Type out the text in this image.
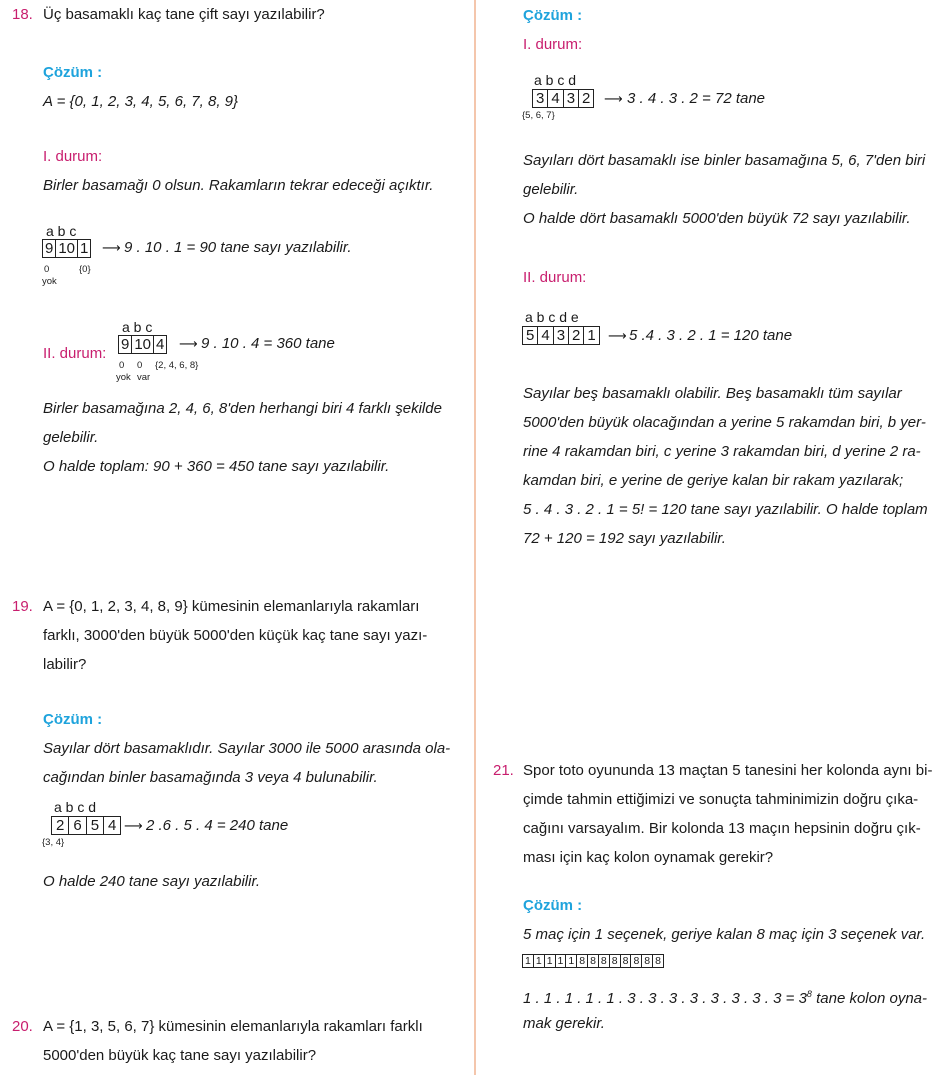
18. Üç basamaklı kaç tane çift sayı yazılabilir?
Çözüm :
A = {0, 1, 2, 3, 4, 5, 6, 7, 8, 9}
I. durum:
Birler basamağı 0 olsun. Rakamların tekrar edeceği açıktır.
a b c
9 10 1 ⟶ 9 . 10 . 1 = 90 tane sayı yazılabilir.
0	{0}
yok
a b c
II. durum:
9 10 4 ⟶ 9 . 10 . 4 = 360 tane
0 0 {2, 4, 6, 8}
yok var
Birler basamağına 2, 4, 6, 8'den herhangi biri 4 farklı şekilde
gelebilir.
O halde toplam: 90 + 360 = 450 tane sayı yazılabilir.
19. A = {0, 1, 2, 3, 4, 8, 9} kümesinin elemanlarıyla rakamları
farklı, 3000'den büyük 5000'den küçük kaç tane sayı yazı-
labilir?
Çözüm :
Sayılar dört basamaklıdır. Sayılar 3000 ile 5000 arasında ola-
cağından binler basamağında 3 veya 4 bulunabilir.
a b c d
2 6 5 4 ⟶ 2 .6 . 5 . 4 = 240 tane
{3, 4}
O halde 240 tane sayı yazılabilir.
20. A = {1, 3, 5, 6, 7} kümesinin elemanlarıyla rakamları farklı
5000'den büyük kaç tane sayı yazılabilir?
Çözüm :
I. durum:
a b c d
3 4 3 2 ⟶ 3 . 4 . 3 . 2 = 72 tane
{5, 6, 7}
Sayıları dört basamaklı ise binler basamağına 5, 6, 7'den biri
gelebilir.
O halde dört basamaklı 5000'den büyük 72 sayı yazılabilir.
II. durum:
a b c d e
5 4 3 2 1 ⟶ 5 .4 . 3 . 2 . 1 = 120 tane
Sayılar beş basamaklı olabilir. Beş basamaklı tüm sayılar
5000'den büyük olacağından a yerine 5 rakamdan biri, b yer-
rine 4 rakamdan biri, c yerine 3 rakamdan biri, d yerine 2 ra-
kamdan biri, e yerine de geriye kalan bir rakam yazılarak;
5 . 4 . 3 . 2 . 1 = 5! = 120 tane sayı yazılabilir. O halde toplam
72 + 120 = 192 sayı yazılabilir.
21. Spor toto oyununda 13 maçtan 5 tanesini her kolonda aynı bi-
çimde tahmin ettiğimizi ve sonuçta tahminimizin doğru çıka-
cağını varsayalım. Bir kolonda 13 maçın hepsinin doğru çık-
ması için kaç kolon oynamak gerekir?
Çözüm :
5 maç için 1 seçenek, geriye kalan 8 maç için 3 seçenek var.
1 1 1 1 1 8 8 8 8 8 8 8 8
1 . 1 . 1 . 1 . 1 . 3 . 3 . 3 . 3 . 3 . 3 . 3 . $3 = 3^8$ tane kolon oyna-
mak gerekir.
